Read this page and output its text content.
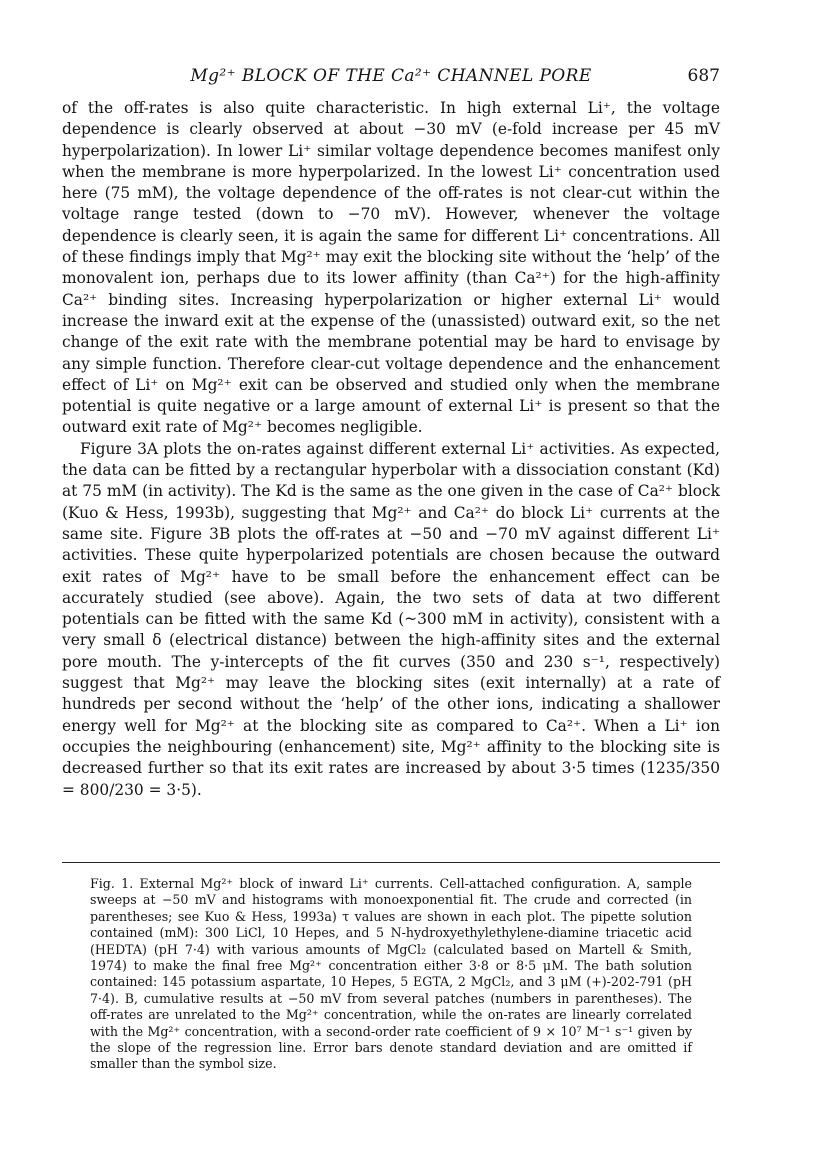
Mg²⁺ BLOCK OF THE Ca²⁺ CHANNEL PORE	687

of the off-rates is also quite characteristic. In high external Li⁺, the voltage dependence is clearly observed at about −30 mV (e-fold increase per 45 mV hyperpolarization). In lower Li⁺ similar voltage dependence becomes manifest only when the membrane is more hyperpolarized. In the lowest Li⁺ concentration used here (75 mM), the voltage dependence of the off-rates is not clear-cut within the voltage range tested (down to −70 mV). However, whenever the voltage dependence is clearly seen, it is again the same for different Li⁺ concentrations. All of these findings imply that Mg²⁺ may exit the blocking site without the ‘help’ of the monovalent ion, perhaps due to its lower affinity (than Ca²⁺) for the high-affinity Ca²⁺ binding sites. Increasing hyperpolarization or higher external Li⁺ would increase the inward exit at the expense of the (unassisted) outward exit, so the net change of the exit rate with the membrane potential may be hard to envisage by any simple function. Therefore clear-cut voltage dependence and the enhancement effect of Li⁺ on Mg²⁺ exit can be observed and studied only when the membrane potential is quite negative or a large amount of external Li⁺ is present so that the outward exit rate of Mg²⁺ becomes negligible.

Figure 3A plots the on-rates against different external Li⁺ activities. As expected, the data can be fitted by a rectangular hyperbolar with a dissociation constant (Kd) at 75 mM (in activity). The Kd is the same as the one given in the case of Ca²⁺ block (Kuo & Hess, 1993b), suggesting that Mg²⁺ and Ca²⁺ do block Li⁺ currents at the same site. Figure 3B plots the off-rates at −50 and −70 mV against different Li⁺ activities. These quite hyperpolarized potentials are chosen because the outward exit rates of Mg²⁺ have to be small before the enhancement effect can be accurately studied (see above). Again, the two sets of data at two different potentials can be fitted with the same Kd (~300 mM in activity), consistent with a very small δ (electrical distance) between the high-affinity sites and the external pore mouth. The y-intercepts of the fit curves (350 and 230 s⁻¹, respectively) suggest that Mg²⁺ may leave the blocking sites (exit internally) at a rate of hundreds per second without the ‘help’ of the other ions, indicating a shallower energy well for Mg²⁺ at the blocking site as compared to Ca²⁺. When a Li⁺ ion occupies the neighbouring (enhancement) site, Mg²⁺ affinity to the blocking site is decreased further so that its exit rates are increased by about 3·5 times (1235/350 = 800/230 = 3·5).

Fig. 1. External Mg²⁺ block of inward Li⁺ currents. Cell-attached configuration. A, sample sweeps at −50 mV and histograms with monoexponential fit. The crude and corrected (in parentheses; see Kuo & Hess, 1993a) τ values are shown in each plot. The pipette solution contained (mM): 300 LiCl, 10 Hepes, and 5 N-hydroxyethylethylene-diamine triacetic acid (HEDTA) (pH 7·4) with various amounts of MgCl₂ (calculated based on Martell & Smith, 1974) to make the final free Mg²⁺ concentration either 3·8 or 8·5 μM. The bath solution contained: 145 potassium aspartate, 10 Hepes, 5 EGTA, 2 MgCl₂, and 3 μM (+)-202-791 (pH 7·4). B, cumulative results at −50 mV from several patches (numbers in parentheses). The off-rates are unrelated to the Mg²⁺ concentration, while the on-rates are linearly correlated with the Mg²⁺ concentration, with a second-order rate coefficient of 9 × 10⁷ M⁻¹ s⁻¹ given by the slope of the regression line. Error bars denote standard deviation and are omitted if smaller than the symbol size.
